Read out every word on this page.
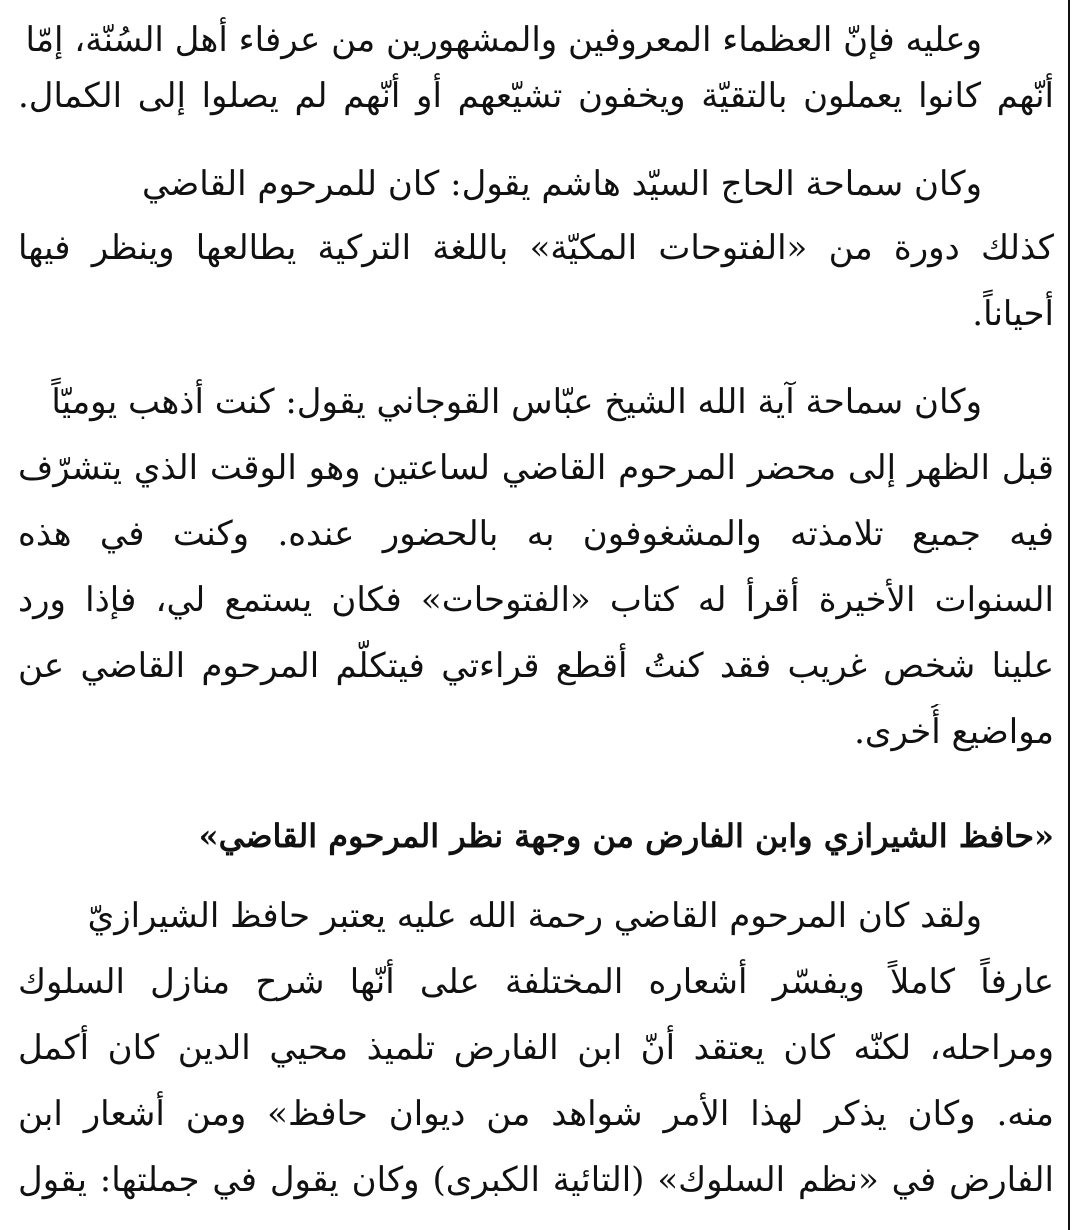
وعليه فإنّ العظماء المعروفين والمشهورين من عرفاء أهل السُنّة، إمّا
أنّهم كانوا يعملون بالتقيّة ويخفون تشيّعهم أو أنّهم لم يصلوا إلى الكمال.
وكان سماحة الحاج السيّد هاشم يقول: كان للمرحوم القاضي
كذلك دورة من «الفتوحات المكيّة» باللغة التركية يطالعها وينظر فيها
أحياناً.
وكان سماحة آية الله الشيخ عبّاس القوجاني يقول: كنت أذهب يوميّاً
قبل الظهر إلى محضر المرحوم القاضي لساعتين وهو الوقت الذي يتشرّف
فيه جميع تلامذته والمشغوفون به بالحضور عنده. وكنت في هذه
السنوات الأخيرة أقرأ له كتاب «الفتوحات» فكان يستمع لي، فإذا ورد
علينا شخص غريب فقد كنتُ أقطع قراءتي فيتكلّم المرحوم القاضي عن
مواضيع أُخرى.
«حافظ الشيرازي وابن الفارض من وجهة نظر المرحوم القاضي»
ولقد كان المرحوم القاضي رحمة الله عليه يعتبر حافظ الشيرازيّ
عارفاً كاملاً ويفسّر أشعاره المختلفة على أنّها شرح منازل السلوك
ومراحله، لكنّه كان يعتقد أنّ ابن الفارض تلميذ محيي الدين كان أكمل
منه. وكان يذكر لهذا الأمر شواهد من ديوان حافظ» ومن أشعار ابن
الفارض في «نظم السلوك» (التائية الكبرى) وكان يقول في جملتها: يقول
